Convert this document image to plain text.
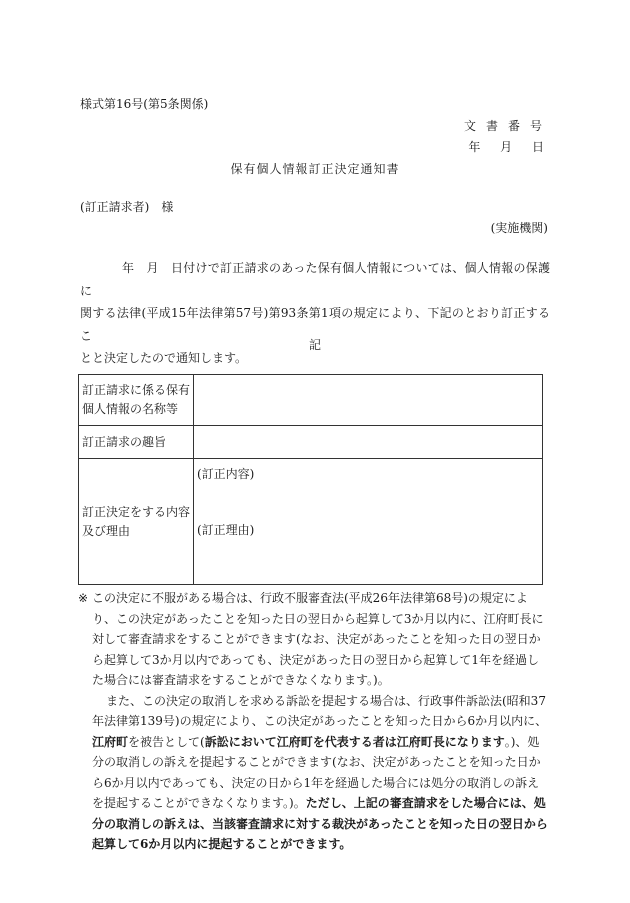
様式第16号(第5条関係)
文書番号
年 月 日
保有個人情報訂正決定通知書
(訂正請求者)　様
(実施機関)
年　月　日付けで訂正請求のあった保有個人情報については、個人情報の保護に
関する法律(平成15年法律第57号)第93条第1項の規定により、下記のとおり訂正するこ
とと決定したので通知します。
記
訂正請求に係る保有個人情報の名称等	
訂正請求の趣旨	
訂正決定をする内容及び理由	(訂正内容)
(訂正理由)
※ この決定に不服がある場合は、行政不服審査法(平成26年法律第68号)の規定により、この決定があったことを知った日の翌日から起算して3か月以内に、江府町長に対して審査請求をすることができます(なお、決定があったことを知った日の翌日から起算して3か月以内であっても、決定があった日の翌日から起算して1年を経過した場合には審査請求をすることができなくなります。)。

また、この決定の取消しを求める訴訟を提起する場合は、行政事件訴訟法(昭和37年法律第139号)の規定により、この決定があったことを知った日から6か月以内に、江府町を被告として(訴訟において江府町を代表する者は江府町長になります。)、処分の取消しの訴えを提起することができます(なお、決定があったことを知った日から6か月以内であっても、決定の日から1年を経過した場合には処分の取消しの訴えを提起することができなくなります。)。ただし、上記の審査請求をした場合には、処分の取消しの訴えは、当該審査請求に対する裁決があったことを知った日の翌日から起算して6か月以内に提起することができます。
